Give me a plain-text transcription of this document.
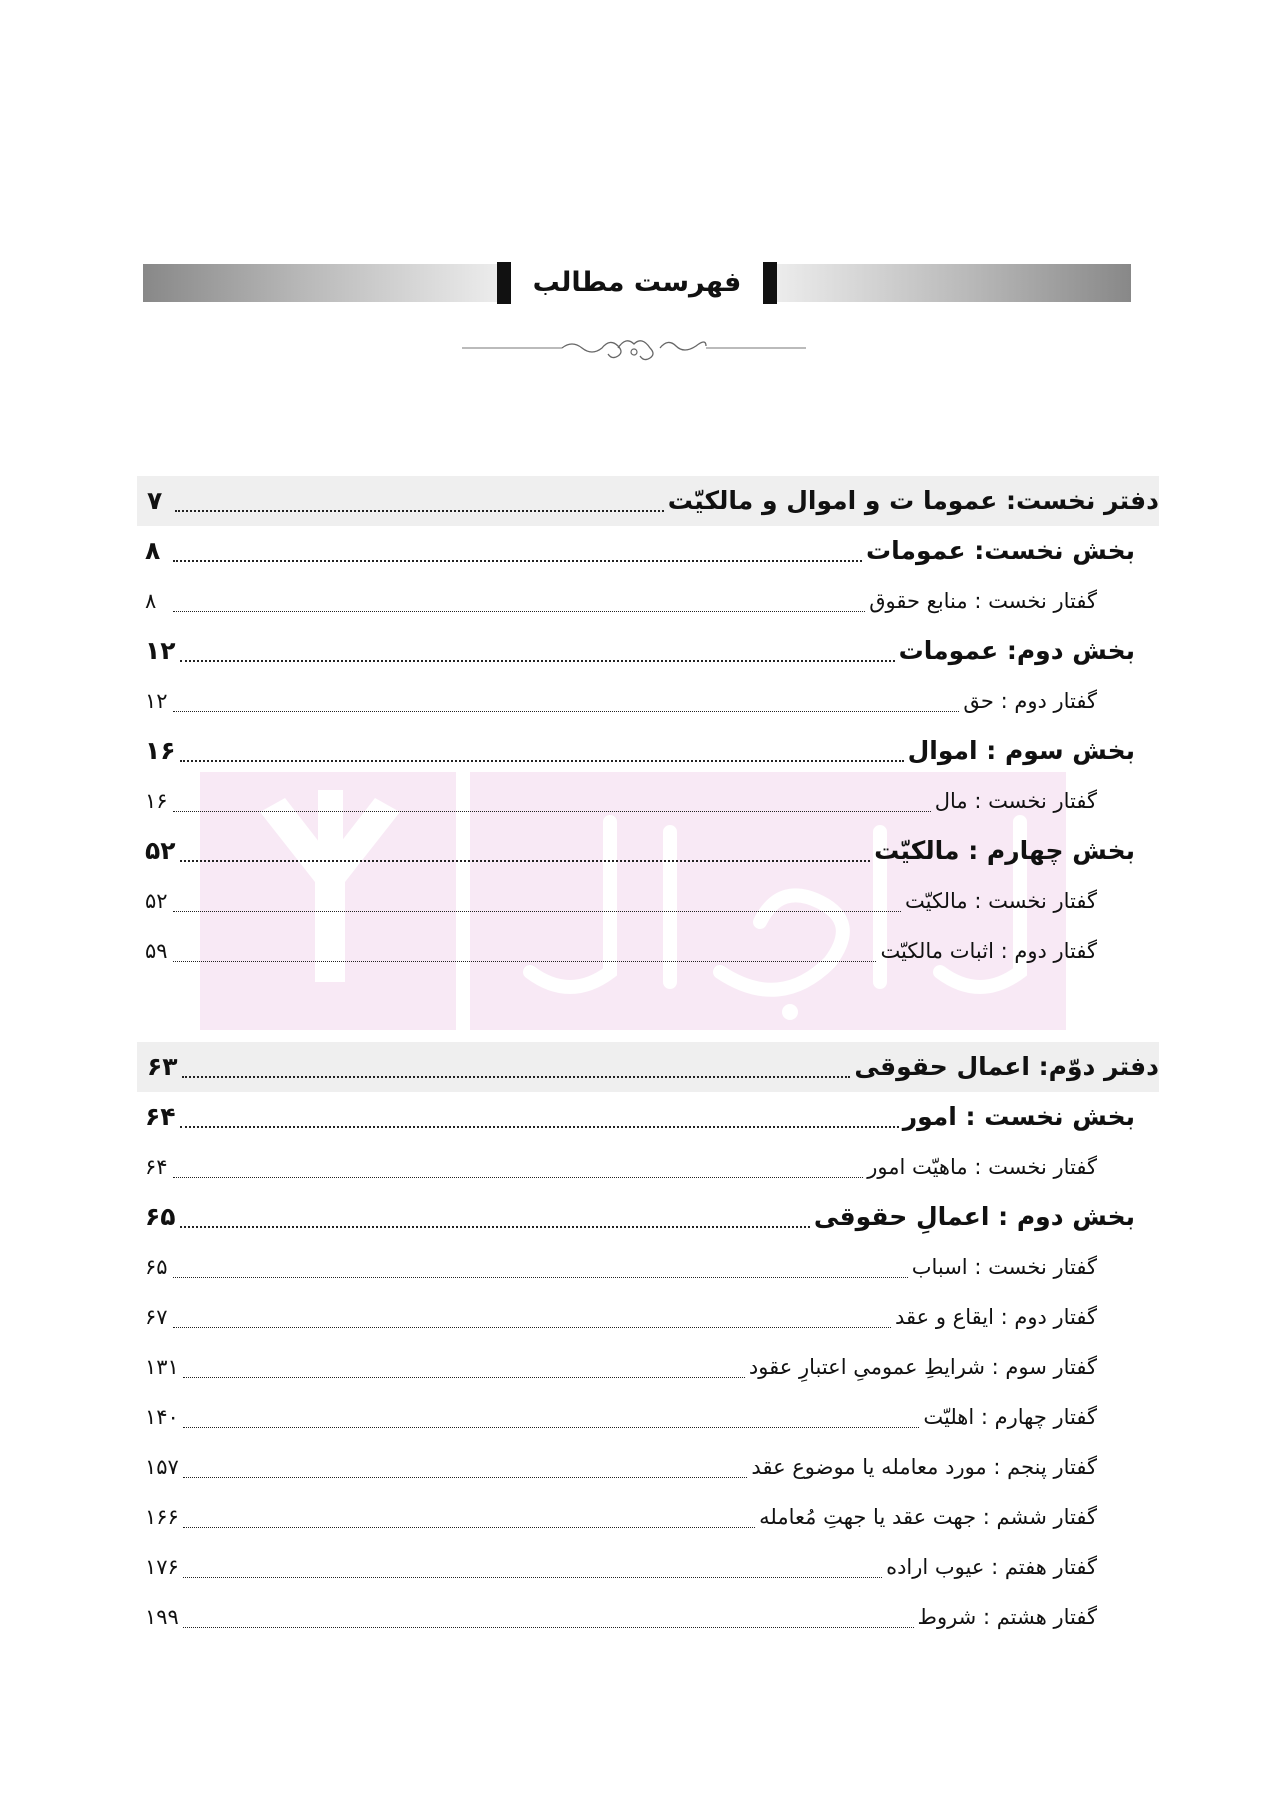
فهرست مطالب
دفتر نخست: عموما ت و اموال و مالکیّت
۷
بخش نخست: عمومات
۸
گفتار نخست : منابع حقوق
۸
بخش دوم: عمومات
۱۲
گفتار دوم : حق
۱۲
بخش سوم : اموال
۱۶
گفتار نخست : مال
۱۶
بخش چهارم : مالکیّت
۵۲
گفتار نخست : مالکیّت
۵۲
گفتار دوم : اثبات مالکیّت
۵۹
دفتر دوّم: اعمال حقوقی
۶۳
بخش نخست : امور
۶۴
گفتار نخست : ماهیّت امور
۶۴
بخش دوم : اعمالِ حقوقی
۶۵
گفتار نخست : اسباب
۶۵
گفتار دوم : ایقاع و عقد
۶۷
گفتار سوم : شرایطِ عمومیِ اعتبارِ عقود
۱۳۱
گفتار چهارم : اهلیّت
۱۴۰
گفتار پنجم : مورد معامله یا موضوع عقد
۱۵۷
گفتار ششم : جهت عقد یا جهتِ مُعامله
۱۶۶
گفتار هفتم : عیوب اراده
۱۷۶
گفتار هشتم : شروط
۱۹۹
